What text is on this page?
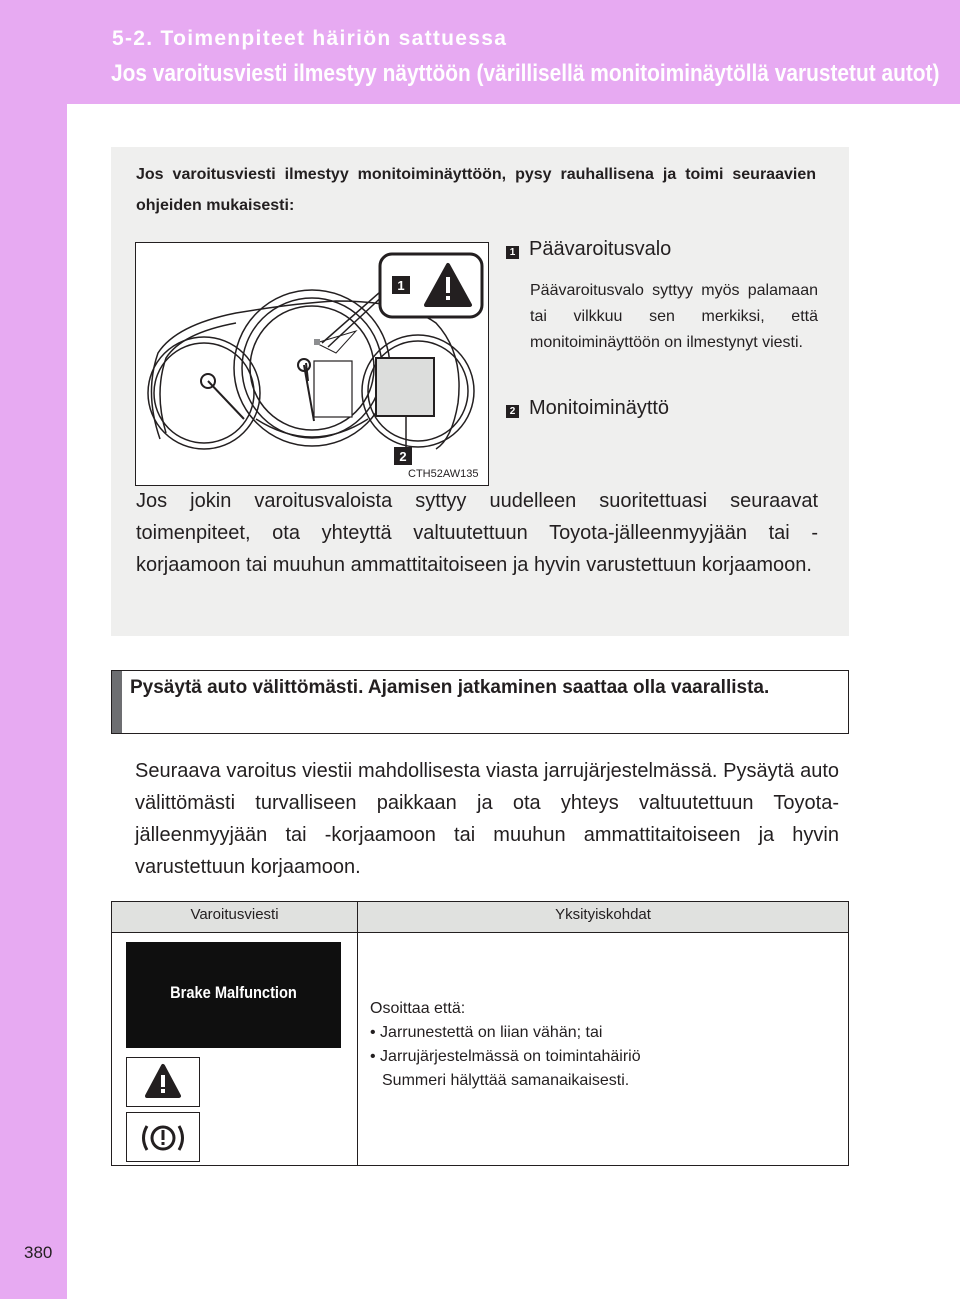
5-2. Toimenpiteet häiriön sattuessa
Jos varoitusviesti ilmestyy näyttöön (värillisellä monitoiminäytöllä varustetut autot)
Jos varoitusviesti ilmestyy monitoiminäyttöön, pysy rauhallisena ja toimi seuraavien ohjeiden mukaisesti:
1
2
CTH52AW135
1 Päävaroitusvalo
Päävaroitusvalo syttyy myös palamaan tai vilkkuu sen merkiksi, että monitoiminäyttöön on ilmestynyt viesti.
2 Monitoiminäyttö
Jos jokin varoitusvaloista syttyy uudelleen suoritettuasi seuraavat toimenpiteet, ota yhteyttä valtuutettuun Toyota-jälleenmyyjään tai -korjaamoon tai muuhun ammattitaitoiseen ja hyvin varustettuun korjaamoon.
Pysäytä auto välittömästi. Ajamisen jatkaminen saattaa olla vaarallista.
Seuraava varoitus viestii mahdollisesta viasta jarrujärjestelmässä. Pysäytä auto välittömästi turvalliseen paikkaan ja ota yhteys valtuutettuun Toyota-jälleenmyyjään tai -korjaamoon tai muuhun ammattitaitoiseen ja hyvin varustettuun korjaamoon.
Varoitusviesti	Yksityiskohdat
Brake Malfunction
Osoittaa että:
• Jarrunestettä on liian vähän; tai
• Jarrujärjestelmässä on toimintahäiriö
Summeri hälyttää samanaikaisesti.
380
